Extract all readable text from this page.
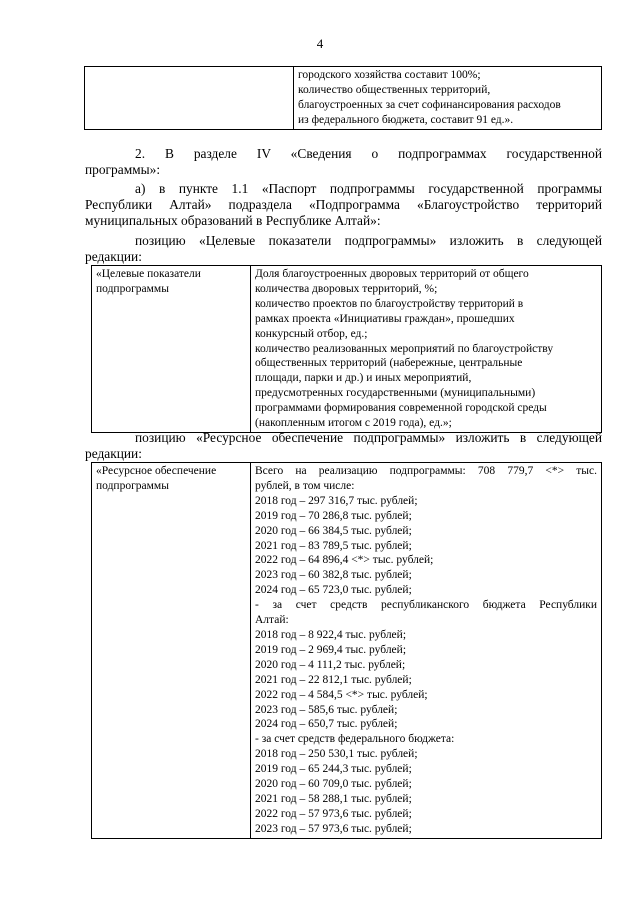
4

городского хозяйства составит 100%;
количество общественных территорий,
благоустроенных за счет софинансирования расходов
из федерального бюджета, составит 91 ед.».
2. В разделе IV «Сведения о подпрограммах государственной
программы»:
а) в пункте 1.1 «Паспорт подпрограммы государственной программы
Республики Алтай» подраздела «Подпрограмма «Благоустройство территорий
муниципальных образований в Республике Алтай»:
позицию «Целевые показатели подпрограммы» изложить в следующей
редакции:
«Целевые показатели
подпрограммы

Доля благоустроенных дворовых территорий от общего
количества дворовых территорий, %;
количество проектов по благоустройству территорий в
рамках проекта «Инициативы граждан», прошедших
конкурсный отбор, ед.;
количество реализованных мероприятий по благоустройству
общественных территорий (набережные, центральные
площади, парки и др.) и иных мероприятий,
предусмотренных государственными (муниципальными)
программами формирования современной городской среды
(накопленным итогом с 2019 года), ед.»;
позицию «Ресурсное обеспечение подпрограммы» изложить в следующей
редакции:
«Ресурсное обеспечение
подпрограммы

Всего на реализацию подпрограммы: 708 779,7 <*> тыс.
рублей, в том числе:
2018 год – 297 316,7 тыс. рублей;
2019 год – 70 286,8 тыс. рублей;
2020 год – 66 384,5 тыс. рублей;
2021 год – 83 789,5 тыс. рублей;
2022 год – 64 896,4 <*> тыс. рублей;
2023 год – 60 382,8 тыс. рублей;
2024 год – 65 723,0 тыс. рублей;
- за счет средств республиканского бюджета Республики
Алтай:
2018 год – 8 922,4 тыс. рублей;
2019 год – 2 969,4 тыс. рублей;
2020 год – 4 111,2 тыс. рублей;
2021 год – 22 812,1 тыс. рублей;
2022 год – 4 584,5 <*> тыс. рублей;
2023 год – 585,6 тыс. рублей;
2024 год – 650,7 тыс. рублей;
- за счет средств федерального бюджета:
2018 год – 250 530,1 тыс. рублей;
2019 год – 65 244,3 тыс. рублей;
2020 год – 60 709,0 тыс. рублей;
2021 год – 58 288,1 тыс. рублей;
2022 год – 57 973,6 тыс. рублей;
2023 год – 57 973,6 тыс. рублей;
